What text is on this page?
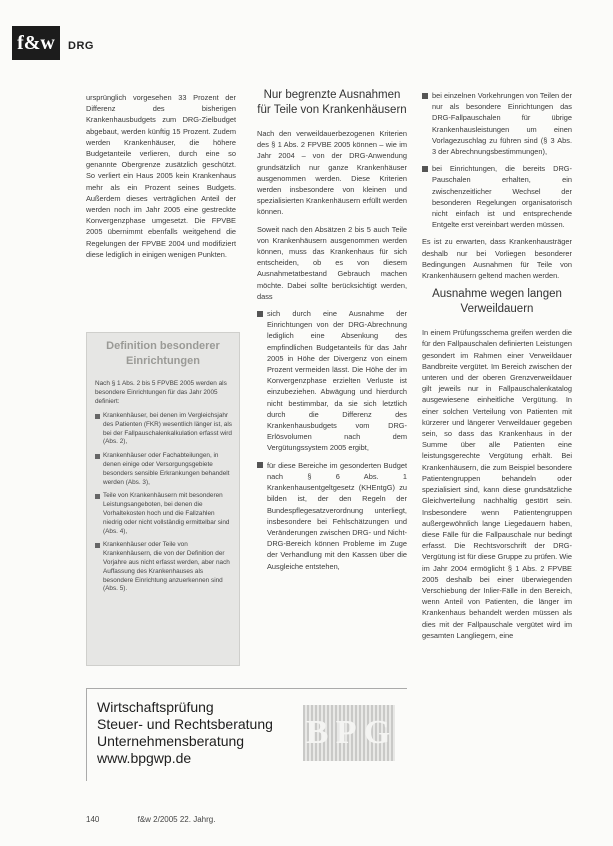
f&w	DRG

ursprünglich vorgesehen 33 Prozent der Differenz des bisherigen Krankenhausbudgets zum DRG-Zielbudget abgebaut, werden künftig 15 Prozent. Zudem werden Krankenhäuser, die höhere Budgetanteile verlieren, durch eine so genannte Obergrenze zusätzlich geschützt. So verliert ein Haus 2005 kein Krankenhaus mehr als ein Prozent seines Budgets. Außerdem dieses verträglichen Anteil der werden noch im Jahr 2005 eine gestreckte Konvergenzphase umgesetzt. Die FPVBE 2005 übernimmt ebenfalls weitgehend die Regelungen der FPVBE 2004 und modifiziert diese lediglich in einigen wenigen Punkten.

Definition besonderer Einrichtungen
Nach § 1 Abs. 2 bis 5 FPVBE 2005 werden als besondere Einrichtungen für das Jahr 2005 definiert:
Krankenhäuser, bei denen im Vergleichsjahr des Patienten (FKR) wesentlich länger ist, als bei der Fallpauschalenkalkulation erfasst wird (Abs. 2),
Krankenhäuser oder Fachabteilungen, in denen einige oder Versorgungsgebiete besonders sensible Erkrankungen behandelt werden (Abs. 3),
Teile von Krankenhäusern mit besonderen Leistungsangeboten, bei denen die Vorhaltekosten hoch und die Fallzahlen niedrig oder nicht vollständig ermittelbar sind (Abs. 4),
Krankenhäuser oder Teile von Krankenhäusern, die von der Definition der Vorjahre aus nicht erfasst werden, aber nach Auffassung des Krankenhauses als besondere Einrichtung anzuerkennen sind (Abs. 5).
Nur begrenzte Ausnahmen für Teile von Krankenhäusern

Nach den verweildauerbezogenen Kriterien des § 1 Abs. 2 FPVBE 2005 können – wie im Jahr 2004 – von der DRG-Anwendung grundsätzlich nur ganze Krankenhäuser ausgenommen werden. Diese Kriterien werden insbesondere von kleinen und spezialisierten Krankenhäusern erfüllt werden können.

Soweit nach den Absätzen 2 bis 5 auch Teile von Krankenhäusern ausgenommen werden können, muss das Krankenhaus für sich entscheiden, ob es von diesem Ausnahmetatbestand Gebrauch machen möchte. Dabei sollte berücksichtigt werden, dass

sich durch eine Ausnahme der Einrichtungen von der DRG-Abrechnung lediglich eine Absenkung des empfindlichen Budgetanteils für das Jahr 2005 in Höhe der Divergenz von einem Prozent vermeiden lässt. Die Höhe der im Konvergenzphase erzielten Verluste ist einzubeziehen. Abwägung und hierdurch nicht bestimmbar, da sie sich letztlich durch die Differenz des Krankenhausbudgets vom DRG-Erlösvolumen nach dem Vergütungssystem 2005 ergibt,
für diese Bereiche im gesonderten Budget nach § 6 Abs. 1 Krankenhausentgeltgesetz (KHEntgG) zu bilden ist, der den Regeln der Bundespflegesatzverordnung unterliegt, insbesondere bei Fehlschätzungen und Veränderungen zwischen DRG- und Nicht-DRG-Bereich können Probleme im Zuge der Verhandlung mit den Kassen über die Ausgleiche entstehen,
bei einzelnen Vorkehrungen von Teilen der nur als besondere Einrichtungen das DRG-Fallpauschalen für übrige Krankenhausleistungen um einen Vorlagezuschlag zu führen sind (§ 3 Abs. 3 der Abrechnungsbestimmungen),
bei Einrichtungen, die bereits DRG-Pauschalen erhalten, ein zwischenzeitlicher Wechsel der besonderen Regelungen organisatorisch nicht einfach ist und entsprechende Entgelte erst vereinbart werden müssen.

Es ist zu erwarten, dass Krankenhausträger deshalb nur bei Vorliegen besonderer Bedingungen Ausnahmen für Teile von Krankenhäusern geltend machen werden.

Ausnahme wegen langen Verweildauern

In einem Prüfungsschema greifen werden die für den Fallpauschalen definierten Leistungen gesondert im Rahmen einer Verweildauer Bandbreite vergütet. Im Bereich zwischen der unteren und der oberen Grenzverweildauer gilt jeweils nur in Fallpauschalenkatalog ausgewiesene einheitliche Vergütung. In einer solchen Verteilung von Patienten mit kürzerer und längerer Verweildauer gegeben sein, so dass das Krankenhaus in der Summe über alle Patienten eine leistungsgerechte Vergütung erhält. Bei Krankenhäusern, die zum Beispiel besondere Patientengruppen behandeln oder spezialisiert sind, kann diese grundsätzliche Gleichverteilung nachhaltig gestört sein. Insbesondere wenn Patientengruppen außergewöhnlich lange Liegedauern haben, diese Fälle für die Fallpauschale nur bedingt erfasst. Die Rechtsvorschrift der DRG-Vergütung ist für diese Gruppe zu prüfen. Wie im Jahr 2004 ermöglicht § 1 Abs. 2 FPVBE 2005 deshalb bei einer überwiegenden Verschiebung der Inlier-Fälle in den Bereich, wenn Anteil von Patienten, die länger im Krankenhaus behandelt werden müssen als dies mit der Fallpauschale vergütet wird im gesamten Langliegern, eine

Wirtschaftsprüfung
Steuer- und Rechtsberatung
Unternehmensberatung
www.bpgwp.de
B P G
140	f&w 2/2005 22. Jahrg.
